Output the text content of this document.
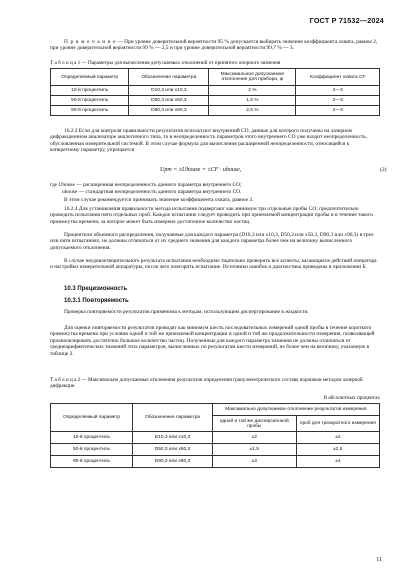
ГОСТ Р 71532—2024
П р и м е ч а н и е — При уровне доверительной вероятности 95 % допускается выбирать значение коэффициента охвата, равное 2, при уровне доверительной вероятности 99 % — 2,5 и при уровне доверительной вероятности 99,7 % — 3.
Т а б л и ц а 1 — Параметры для вычисления допускаемых отклонений от принятого опорного значения
Определяемый параметр	Обозначение параметра	Максимальное допускаемое отклонение для прибора, ψ	Коэффициент охвата CF
10-й процентиль	D10,3 или x10,3	2 %	2—3
50-й процентиль	D50,3 или x50,3	1,5 %	2—3
90-й процентиль	D90,3 или x90,3	2,5 %	2—3
10.2.3 Если для контроля правильности результатов используют внутренний СО, данные для которого получены на лазерном дифракционном анализаторе аналогичного типа, то в неопределенность параметров этого внутреннего СО уже входит неопределенность, обусловленная измерительной системой. В этом случае формула для вычисления расширенной неопределенности, относящейся к конкретному параметру, упрощается
Upm = ±Uhouse = ±CF · uhouse,	(2)
где Uhouse — расширенная неопределенность данного параметра внутреннего СО;
uhouse — стандартная неопределенность данного параметра внутреннего СО.
В этом случае рекомендуется принимать значение коэффициента охвата, равное 3.
10.2.4 Для установления правильности метода испытания подвергают как минимум три отдельные пробы СО; предпочтительно проводить испытания пяти отдельных проб. Каждое испытание следует проводить при приемлемой концентрации пробы и в течение такого промежутка времени, за которое может быть измерено достаточное количество частиц.
Процентили объемного распределения, получаемые для каждого параметра (D10,3 или x10,3, D50,3 или x50,3, D90,3 или x90,3) в трех или пяти испытаниях, не должны отличаться от их среднего значения для каждого параметра более чем на величину вычисленного допускаемого отклонения.
В случае неудовлетворительного результата испытания необходимо тщательно проверить все аспекты, касающиеся действий оператора и настройки измерительной аппаратуры, после чего повторить испытание. Источники ошибок и диагностика приведены в приложении Б.
10.3 Прецизионность
10.3.1 Повторяемость
Проверка повторяемости результатов применима к методам, использующим диспергирование в жидкости.
Для оценки повторяемости результатов проводят как минимум шесть последовательных измерений одной пробы в течение короткого промежутка времени при условии одной и той же приемлемой концентрации и одной и той же продолжительности измерения, позволяющей проанализировать достаточно большое количество частиц. Полученные для каждого параметра значения не должны отличаться от среднеарифметических значений этих параметров, вычисленных по результатам шести измерений, не более чем на величину, указанную в таблице 2.
Т а б л и ц а 2 — Максимально допускаемые отклонения результатов определения гранулометрического состава порошков методом лазерной дифракции
В абсолютных процентах
Определяемый параметр	Обозначение параметра	Максимально допускаемое отклонение результатов измерения	
		одной и той же дисперсионной пробы	проб для трехкратного измерения
10-й процентиль	D10,3 или x10,3	±2	±2
50-й процентиль	D50,3 или x50,3	±1,5	±2,5
90-й процентиль	D90,3 или x90,3	±3	±4
11
